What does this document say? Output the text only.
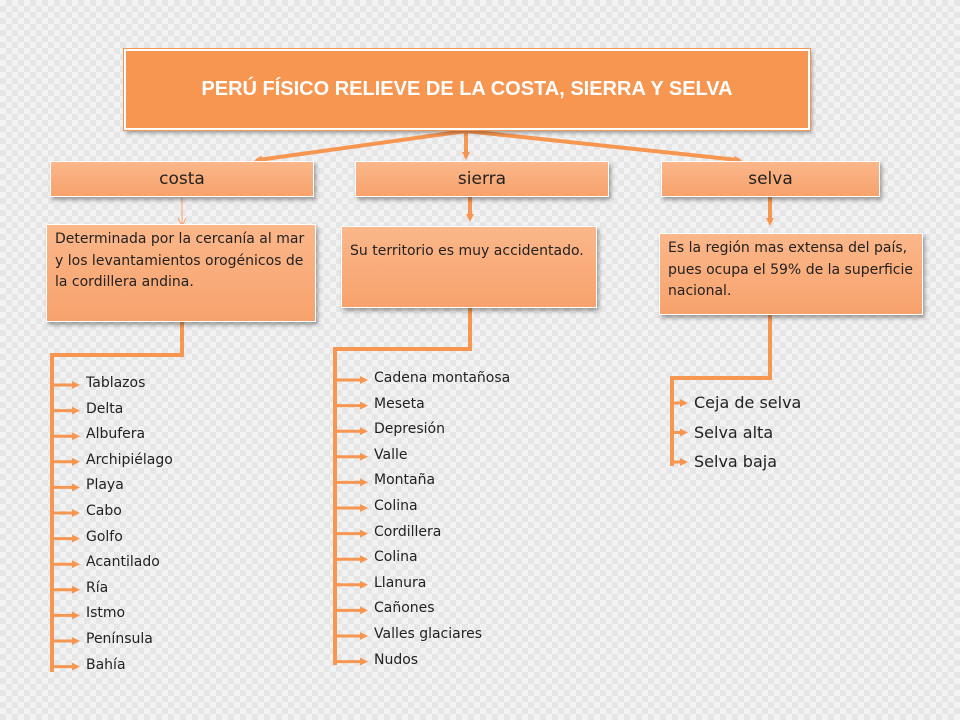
PERÚ FÍSICO RELIEVE DE LA COSTA, SIERRA Y SELVA
costa	sierra	selva
Determinada por la cercanía al mar y los levantamientos orogénicos de la cordillera andina.
Su territorio es muy accidentado.	Es la región mas extensa del país, pues ocupa el 59% de la superficie nacional.
Tablazos
Delta
Albufera
Archipiélago
Playa
Cabo
Golfo
Acantilado
Ría
Istmo
Península
Bahía
Cadena montañosa
Meseta
Depresión
Valle
Montaña
Colina
Cordillera
Colina
Llanura
Cañones
Valles glaciares
Nudos
Ceja de selva
Selva alta
Selva baja
